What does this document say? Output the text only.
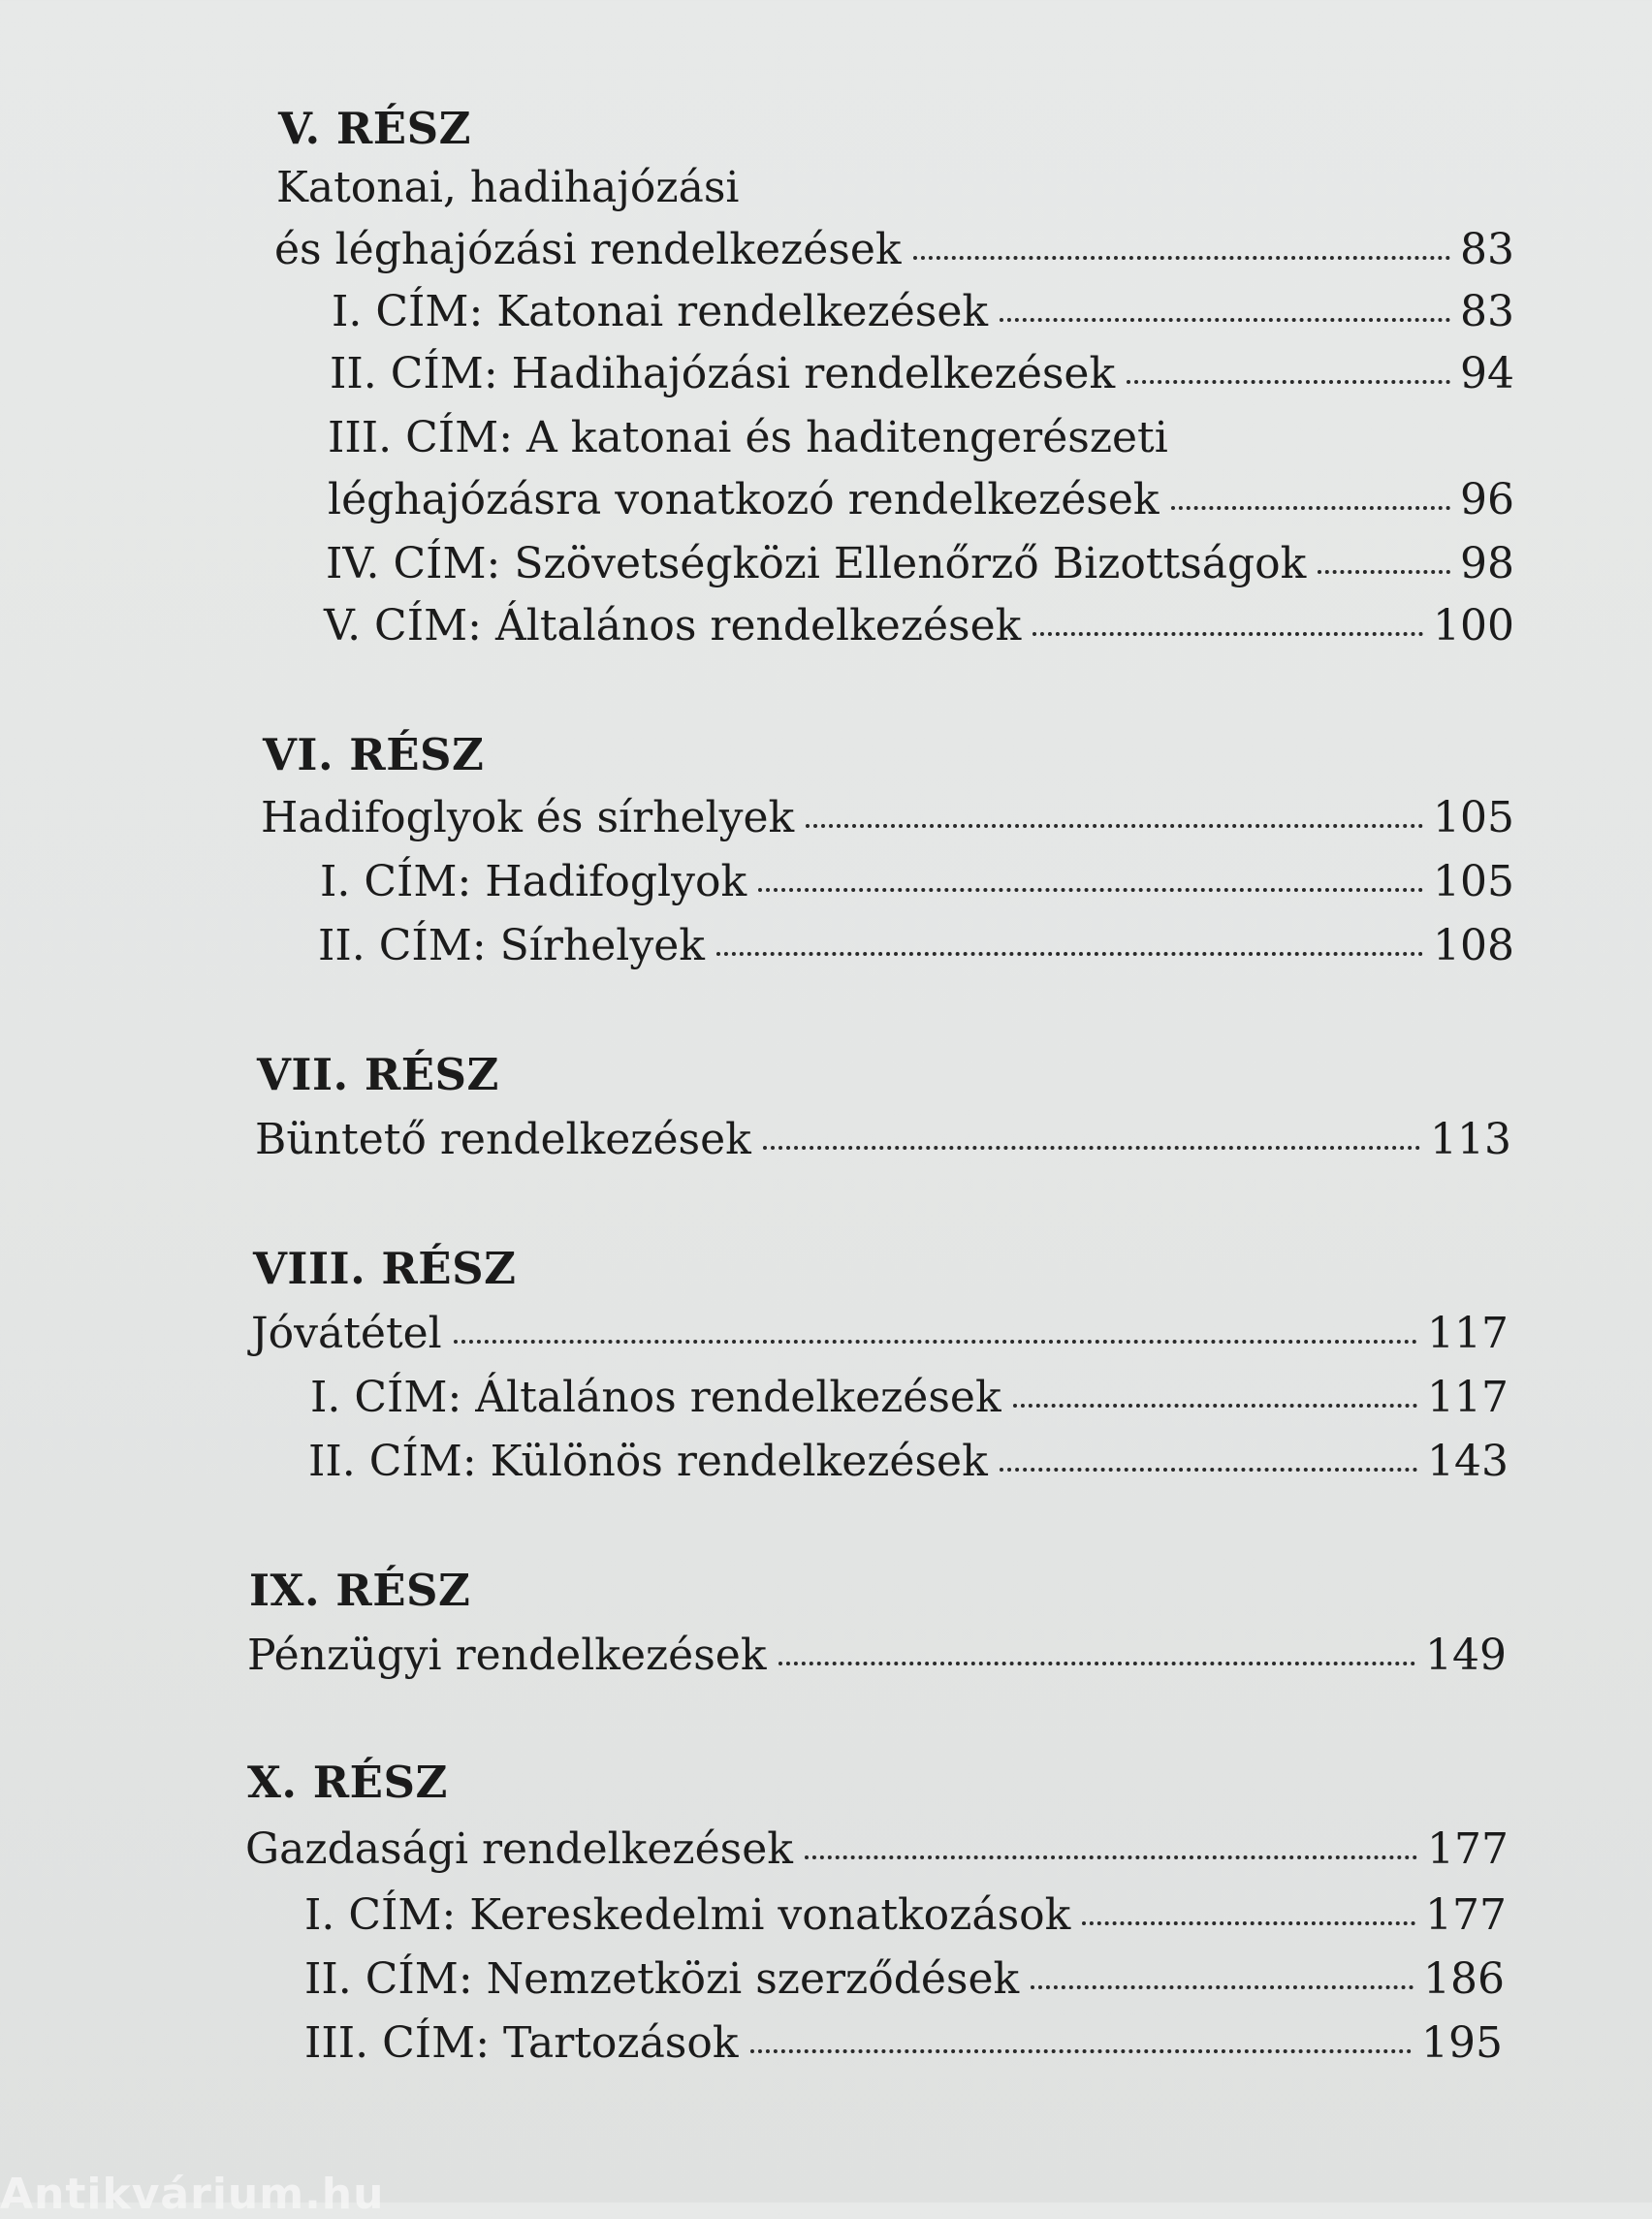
V. RÉSZ
Katonai, hadihajózási
és léghajózási rendelkezések	83
I. CÍM: Katonai rendelkezések	83
II. CÍM: Hadihajózási rendelkezések	94
III. CÍM: A katonai és haditengerészeti
léghajózásra vonatkozó rendelkezések	96
IV. CÍM: Szövetségközi Ellenőrző Bizottságok	98
V. CÍM: Általános rendelkezések	100
VI. RÉSZ
Hadifoglyok és sírhelyek	105
I. CÍM: Hadifoglyok	105
II. CÍM: Sírhelyek	108
VII. RÉSZ
Büntető rendelkezések	113
VIII. RÉSZ
Jóvátétel	117
I. CÍM: Általános rendelkezések	117
II. CÍM: Különös rendelkezések	143
IX. RÉSZ
Pénzügyi rendelkezések	149
X. RÉSZ
Gazdasági rendelkezések	177
I. CÍM: Kereskedelmi vonatkozások	177
II. CÍM: Nemzetközi szerződések	186
III. CÍM: Tartozások	195
Antikvárium.hu
